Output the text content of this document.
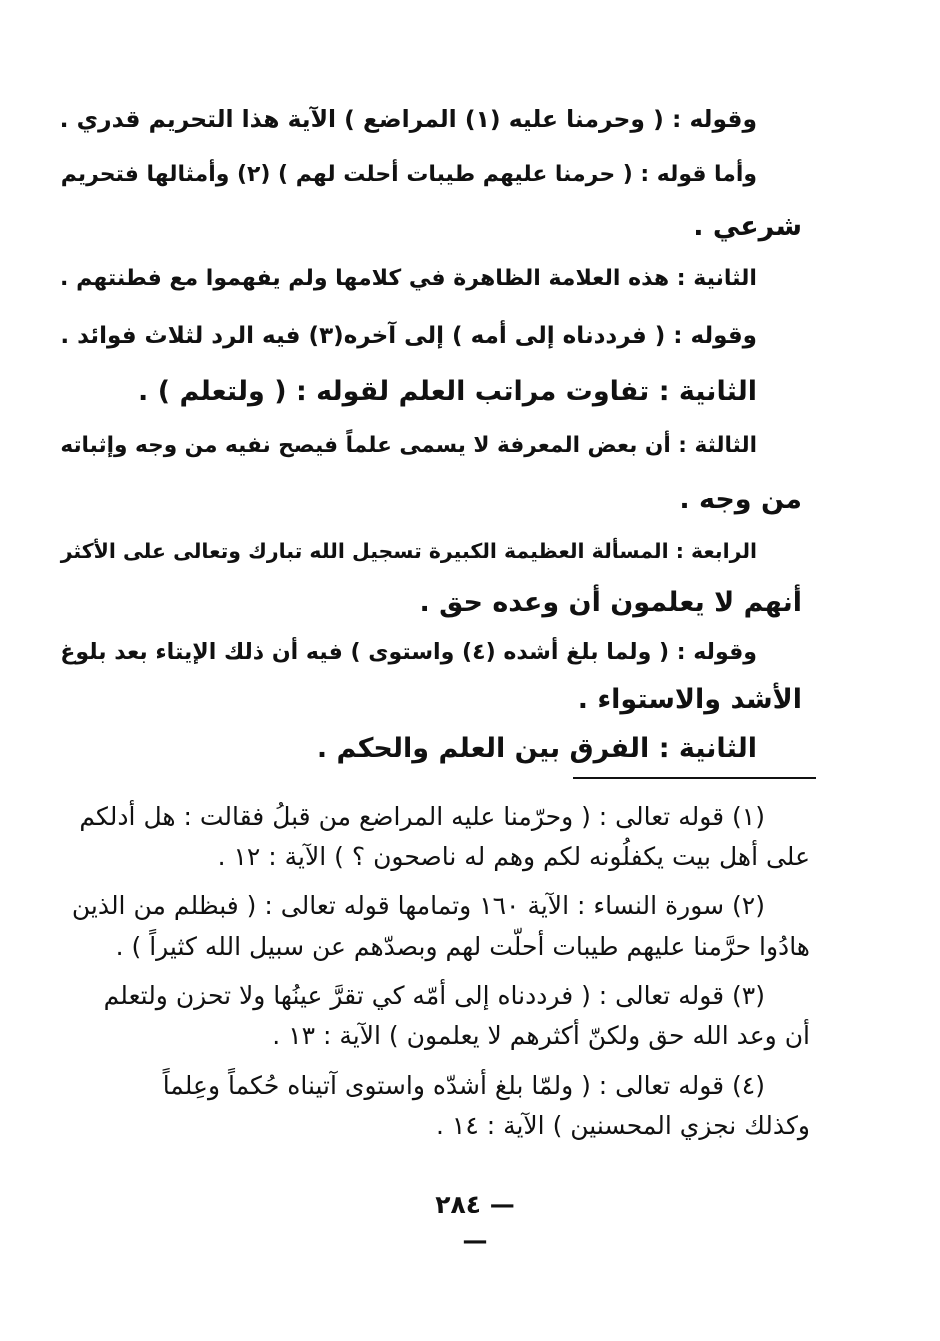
وقوله : ( وحرمنا عليه (١) المراضع ) الآية هذا التحريم قدري .
وأما قوله : ( حرمنا عليهم طيبات أحلت لهم ) (٢) وأمثالها فتحريم
شرعي .
الثانية : هذه العلامة الظاهرة في كلامها ولم يفهموا مع فطنتهم .
وقوله : ( فرددناه إلى أمه ) إلى آخره(٣) فيه الرد لثلاث فوائد .
الثانية : تفاوت مراتب العلم لقوله : ( ولتعلم ) .
الثالثة : أن بعض المعرفة لا يسمى علماً فيصح نفيه من وجه وإثباته
من وجه .
الرابعة : المسألة العظيمة الكبيرة تسجيل الله تبارك وتعالى على الأكثر
أنهم لا يعلمون أن وعده حق .
وقوله : ( ولما بلغ أشده (٤) واستوى ) فيه أن ذلك الإيتاء بعد بلوغ
الأشد والاستواء .
الثانية : الفرق بين العلم والحكم .
(١) قوله تعالى : ( وحرّمنا عليه المراضع من قبلُ فقالت : هل أدلكم
على أهل بيت يكفلُونه لكم وهم له ناصحون ؟ ) الآية : ١٢ .
(٢) سورة النساء : الآية ١٦٠ وتمامها قوله تعالى : ( فبظلم من الذين
هادُوا حرَّمنا عليهم طيبات أحلّت لهم وبصدّهم عن سبيل الله كثيراً ) .
(٣) قوله تعالى : ( فرددناه إلى أمّه كي تقرَّ عينُها ولا تحزن ولتعلم
أن وعد الله حق ولكنّ أكثرهم لا يعلمون ) الآية : ١٣ .
(٤) قوله تعالى : ( ولمّا بلغ أشدّه واستوى آتيناه حُكماً وعِلماً
وكذلك نجزي المحسنين ) الآية : ١٤ .
— ٢٨٤ —
